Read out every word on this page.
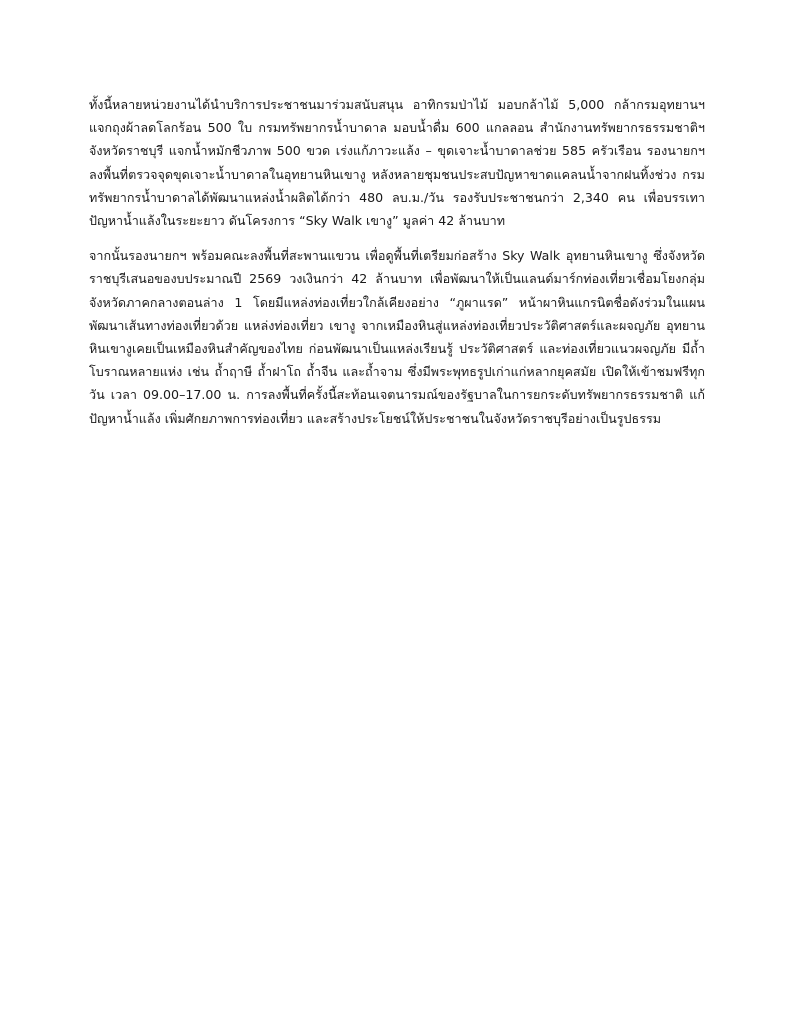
ทั้งนี้หลายหน่วยงานได้นำบริการประชาชนมาร่วมสนับสนุน อาทิกรมป่าไม้ มอบกล้าไม้ 5,000 กล้ากรมอุทยานฯ แจกถุงผ้าลดโลกร้อน 500 ใบ กรมทรัพยากรน้ำบาดาล มอบน้ำดื่ม 600 แกลลอน สำนักงานทรัพยากรธรรมชาติฯ จังหวัดราชบุรี แจกน้ำหมักชีวภาพ 500 ขวด เร่งแก้ภาวะแล้ง – ขุดเจาะน้ำบาดาลช่วย 585 ครัวเรือน รองนายกฯ ลงพื้นที่ตรวจจุดขุดเจาะน้ำบาดาลในอุทยานหินเขางู หลังหลายชุมชนประสบปัญหาขาดแคลนน้ำจากฝนทิ้งช่วง กรมทรัพยากรน้ำบาดาลได้พัฒนาแหล่งน้ำผลิตได้กว่า 480 ลบ.ม./วัน รองรับประชาชนกว่า 2,340 คน เพื่อบรรเทาปัญหาน้ำแล้งในระยะยาว ดันโครงการ “Sky Walk เขางู” มูลค่า 42 ล้านบาท

จากนั้นรองนายกฯ พร้อมคณะลงพื้นที่สะพานแขวน เพื่อดูพื้นที่เตรียมก่อสร้าง Sky Walk อุทยานหินเขางู ซึ่งจังหวัดราชบุรีเสนอของบประมาณปี 2569 วงเงินกว่า 42 ล้านบาท เพื่อพัฒนาให้เป็นแลนด์มาร์กท่องเที่ยวเชื่อมโยงกลุ่มจังหวัดภาคกลางตอนล่าง 1 โดยมีแหล่งท่องเที่ยวใกล้เคียงอย่าง “ภูผาแรด” หน้าผาหินแกรนิตชื่อดังร่วมในแผนพัฒนาเส้นทางท่องเที่ยวด้วย แหล่งท่องเที่ยว เขางู จากเหมืองหินสู่แหล่งท่องเที่ยวประวัติศาสตร์และผจญภัย อุทยานหินเขางูเคยเป็นเหมืองหินสำคัญของไทย ก่อนพัฒนาเป็นแหล่งเรียนรู้ ประวัติศาสตร์ และท่องเที่ยวแนวผจญภัย มีถ้ำโบราณหลายแห่ง เช่น ถ้ำฤาษี ถ้ำฝาโถ ถ้ำจีน และถ้ำจาม ซึ่งมีพระพุทธรูปเก่าแก่หลากยุคสมัย เปิดให้เข้าชมฟรีทุกวัน เวลา 09.00–17.00 น. การลงพื้นที่ครั้งนี้สะท้อนเจตนารมณ์ของรัฐบาลในการยกระดับทรัพยากรธรรมชาติ แก้ปัญหาน้ำแล้ง เพิ่มศักยภาพการท่องเที่ยว และสร้างประโยชน์ให้ประชาชนในจังหวัดราชบุรีอย่างเป็นรูปธรรม
